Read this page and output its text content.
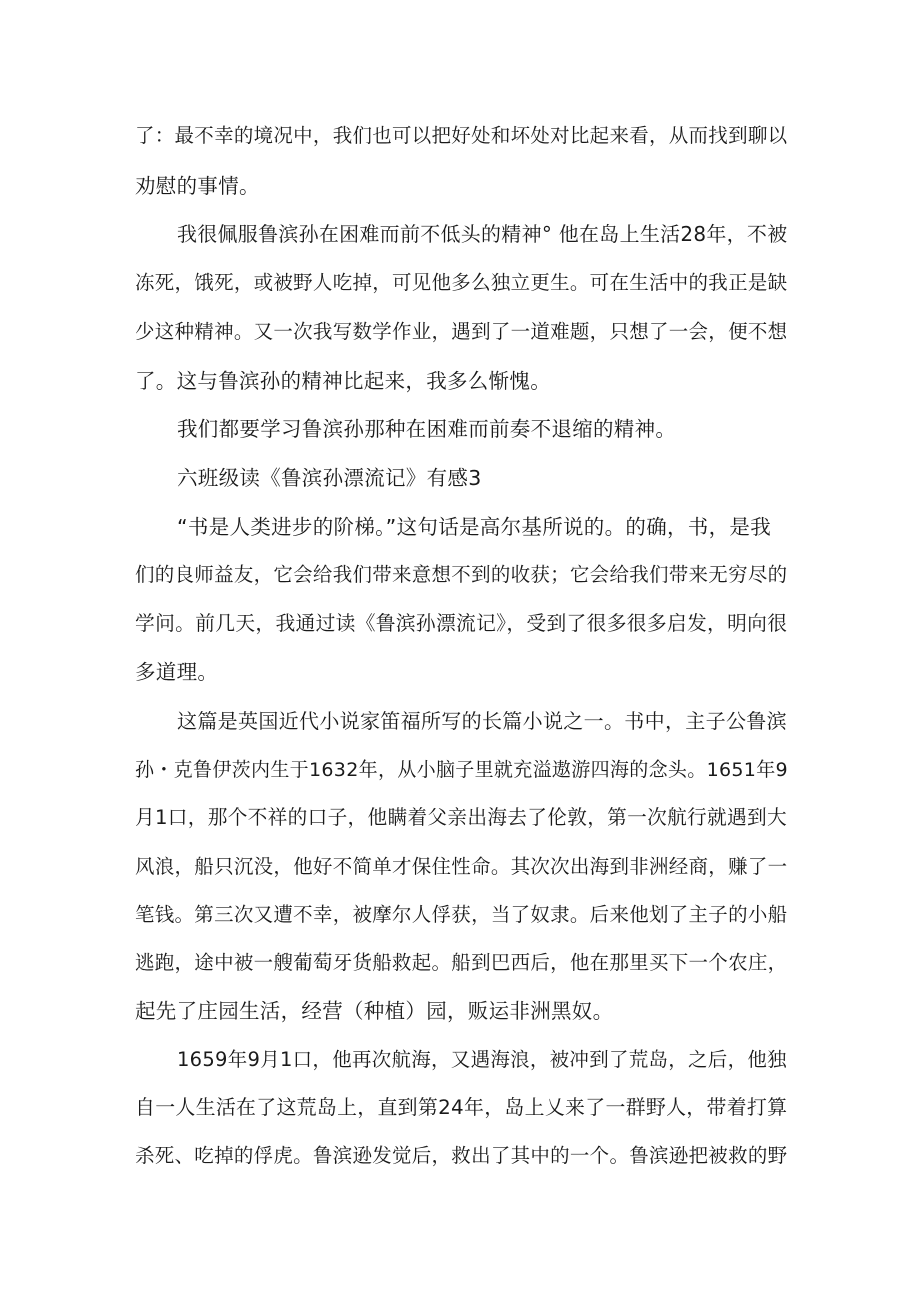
了：最不幸的境况中，我们也可以把好处和坏处对比起来看，从而找到聊以

劝慰的事情。

我很佩服鲁滨孙在困难而前不低头的精神° 他在岛上生活28年，不被

冻死，饿死，或被野人吃掉，可见他多么独立更生。可在生活中的我正是缺

少这种精神。又一次我写数学作业，遇到了一道难题，只想了一会，便不想

了。这与鲁滨孙的精神比起来，我多么惭愧。

我们都要学习鲁滨孙那种在困难而前奏不退缩的精神。

六班级读《鲁滨孙漂流记》有感3

“书是人类进步的阶梯。”这句话是高尔基所说的。的确，书，是我

们的良师益友，它会给我们带来意想不到的收获；它会给我们带来无穷尽的

学问。前几天，我通过读《鲁滨孙漂流记》，受到了很多很多启发，明向很

多道理。

这篇是英国近代小说家笛福所写的长篇小说之一。书中，主子公鲁滨

孙・克鲁伊茨内生于1632年，从小脑子里就充溢遨游四海的念头。1651年9

月1口，那个不祥的口子，他瞒着父亲出海去了伦敦，第一次航行就遇到大

风浪，船只沉没，他好不简单才保住性命。其次次出海到非洲经商，赚了一

笔钱。第三次又遭不幸，被摩尔人俘获，当了奴隶。后来他划了主子的小船

逃跑，途中被一艘葡萄牙货船救起。船到巴西后，他在那里买下一个农庄，

起先了庄园生活，经营（种植）园，贩运非洲黑奴。

1659年9月1口，他再次航海，又遇海浪，被冲到了荒岛，之后，他独

自一人生活在了这荒岛上，直到第24年，岛上乂来了一群野人，带着打算

杀死、吃掉的俘虎。鲁滨逊发觉后，救出了其中的一个。鲁滨逊把被救的野
